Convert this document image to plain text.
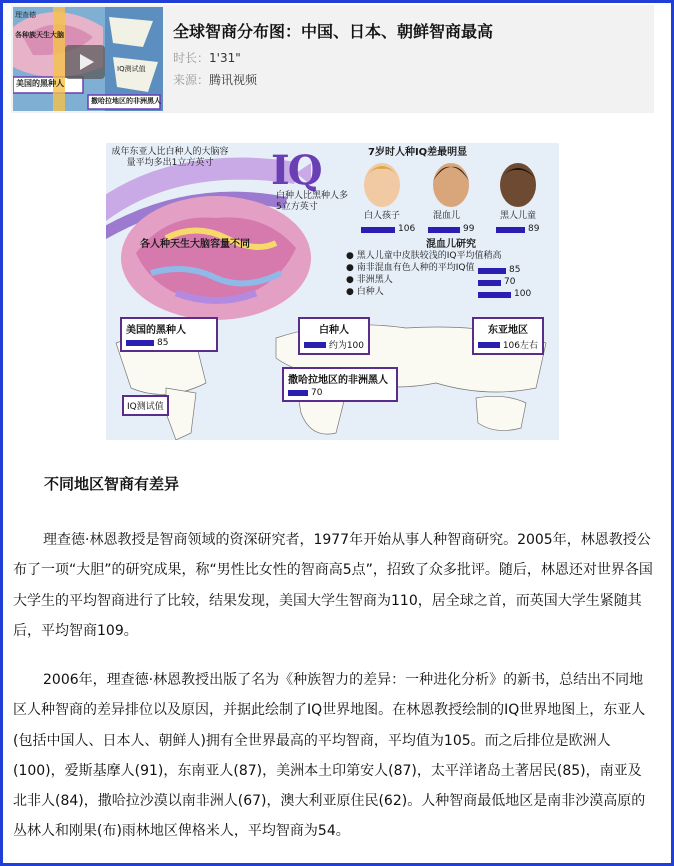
美国的黑种人
撒哈拉地区的非洲黑人
理查德
各种族天生大脑
IQ测试值
全球智商分布图：中国、日本、朝鲜智商最高
时长：1'31"
来源：腾讯视频
IQ
成年东亚人比白种人的大脑容量平均多出1立方英寸
白种人比黑种人多5立方英寸
各人种天生大脑容量不同
7岁时人种IQ差最明显
白人孩子	混血儿	黑人儿童
106	99	89
混血儿研究
● 黑人儿童中皮肤较浅的IQ平均值稍高
● 南非混血有色人种的平均IQ值
● 非洲黑人
● 白种人
85
70
100
美国的黑种人
85
白种人
约为100
东亚地区
106左右
撒哈拉地区的非洲黑人
70
IQ测试值
不同地区智商有差异
理查德·林恩教授是智商领域的资深研究者，1977年开始从事人种智商研究。2005年，林恩教授公布了一项“大胆”的研究成果，称“男性比女性的智商高5点”，招致了众多批评。随后，林恩还对世界各国大学生的平均智商进行了比较，结果发现，美国大学生智商为110，居全球之首，而英国大学生紧随其后，平均智商109。
2006年，理查德·林恩教授出版了名为《种族智力的差异：一种进化分析》的新书，总结出不同地区人种智商的差异排位以及原因，并据此绘制了IQ世界地图。在林恩教授绘制的IQ世界地图上，东亚人(包括中国人、日本人、朝鲜人)拥有全世界最高的平均智商，平均值为105。而之后排位是欧洲人(100)，爱斯基摩人(91)，东南亚人(87)，美洲本土印第安人(87)，太平洋诸岛土著居民(85)，南亚及北非人(84)，撒哈拉沙漠以南非洲人(67)，澳大利亚原住民(62)。人种智商最低地区是南非沙漠高原的丛林人和刚果(布)雨林地区俾格米人，平均智商为54。
